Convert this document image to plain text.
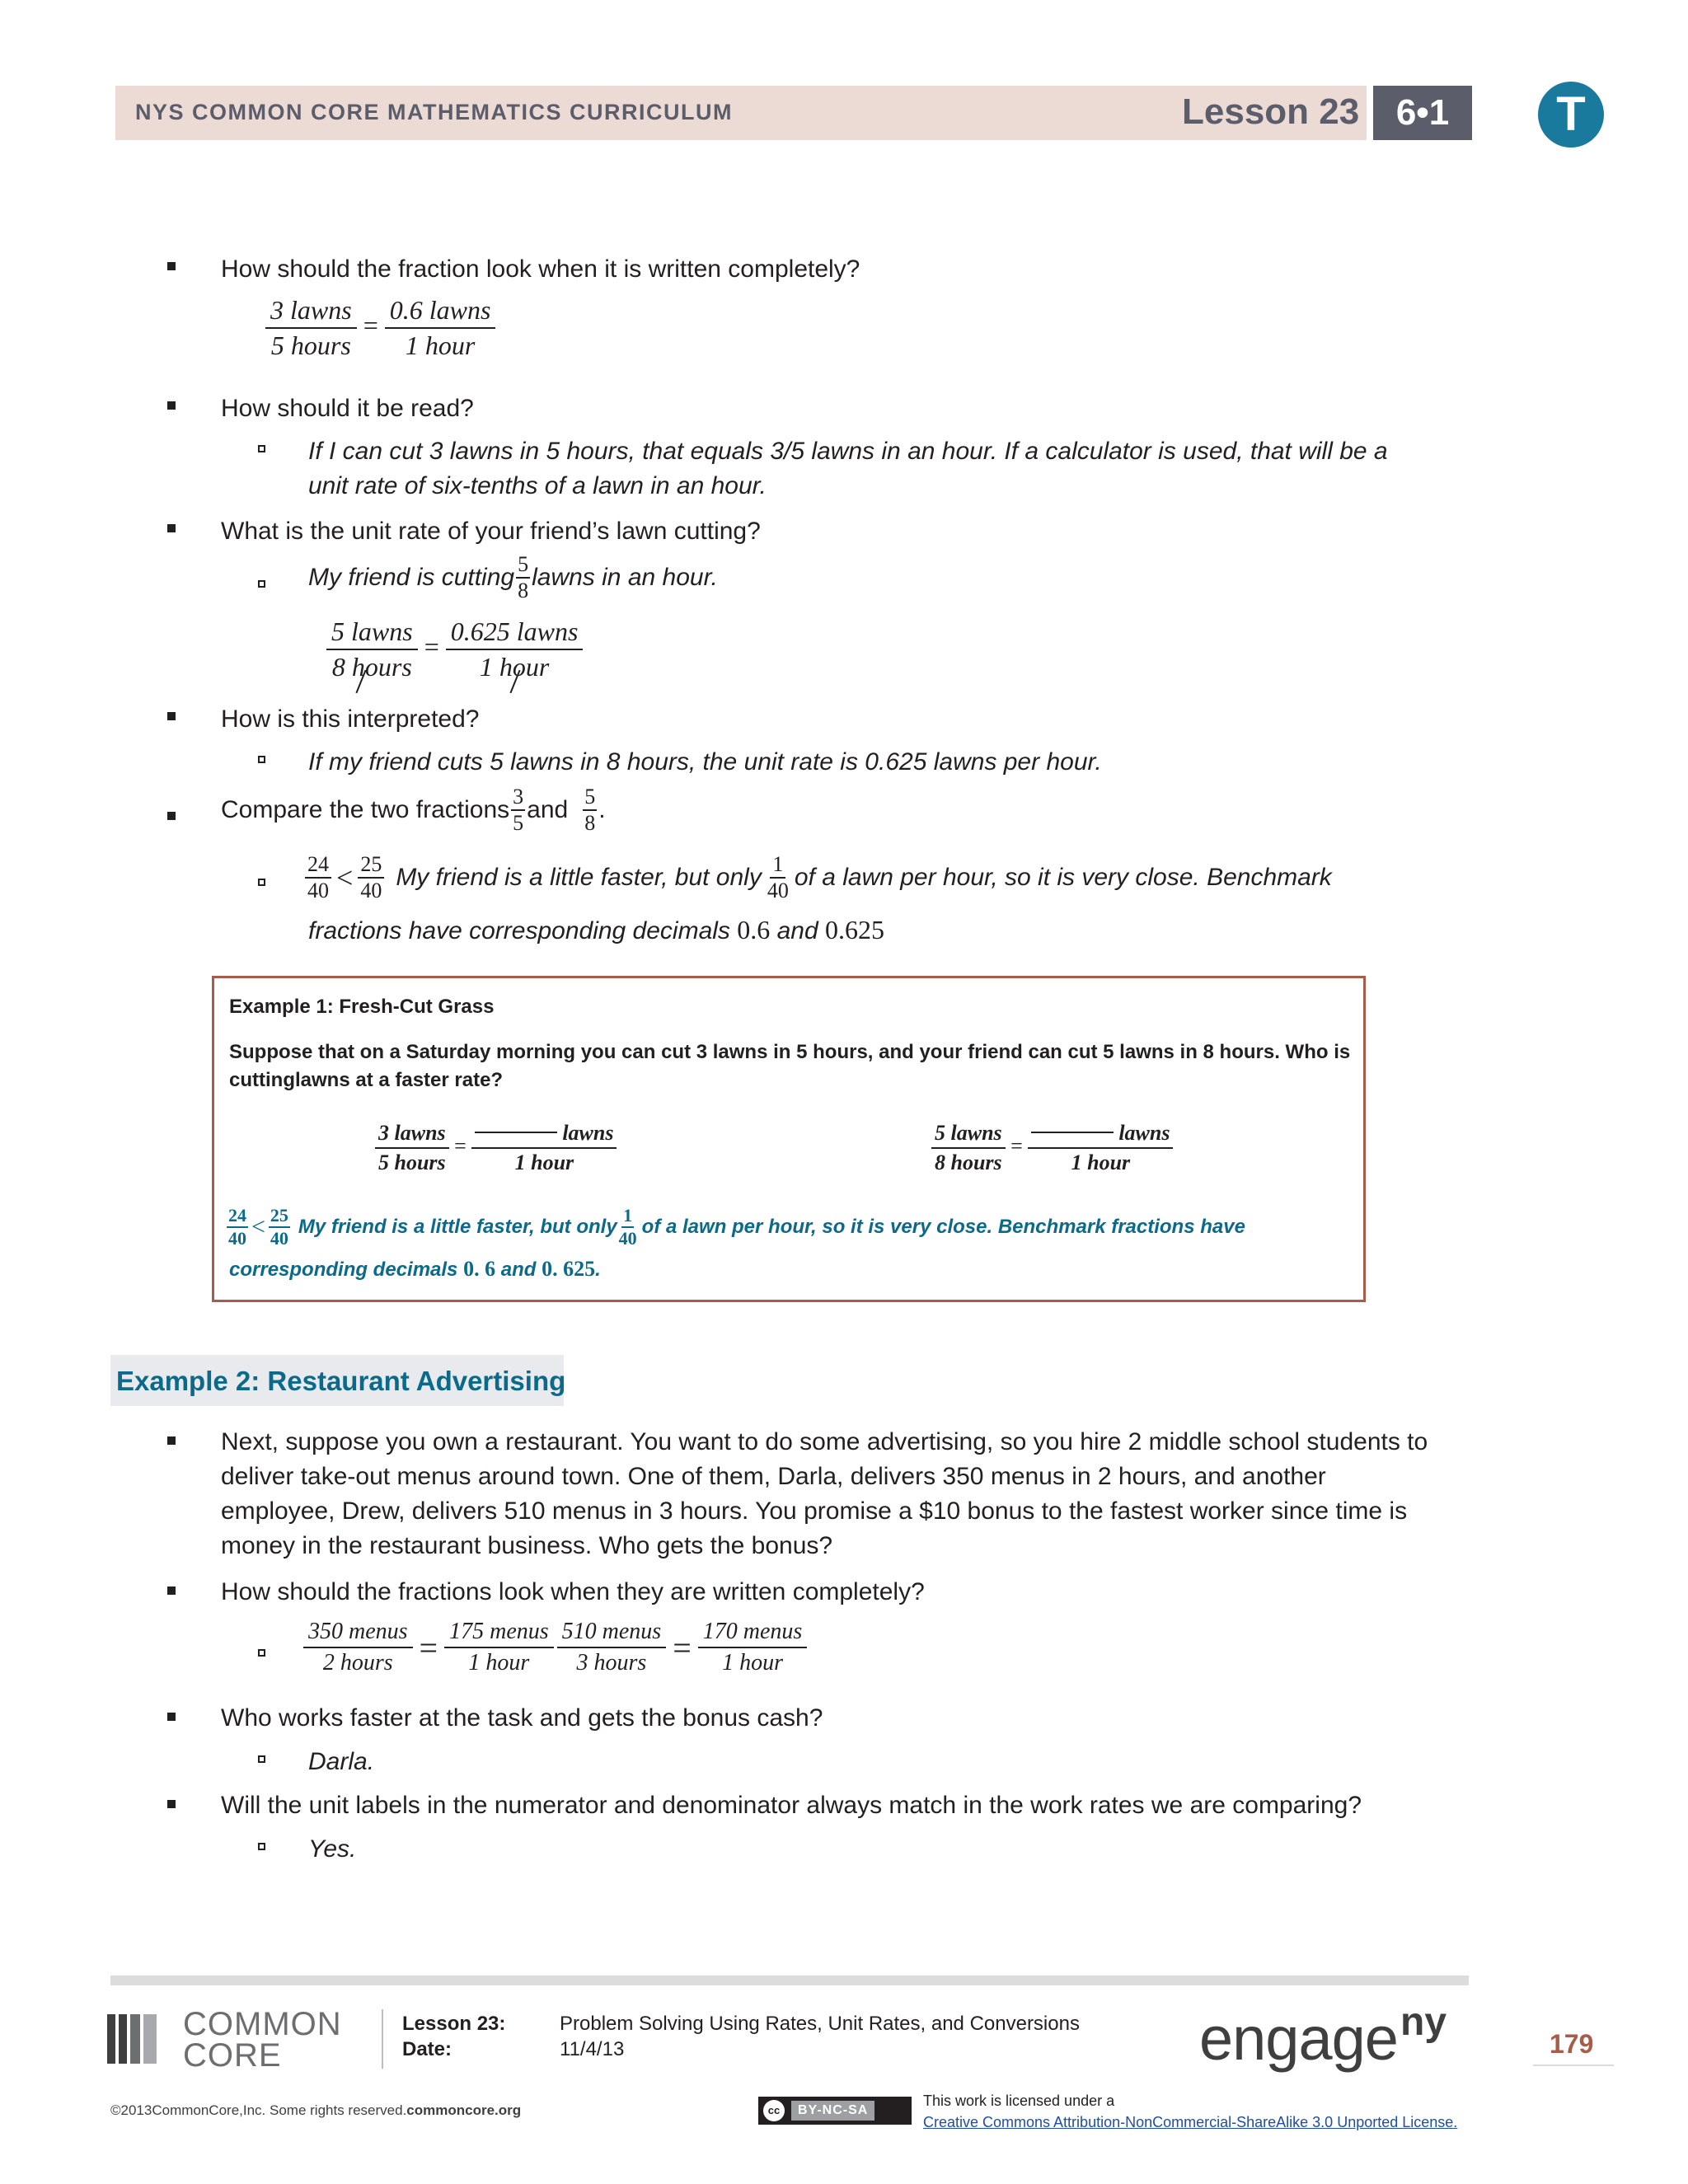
NYS COMMON CORE MATHEMATICS CURRICULUM	Lesson 23	6•1	T
How should the fraction look when it is written completely?
$\frac{\text{3 lawns}}{\text{5 hours}} = \frac{\text{0.6 lawns}}{\text{1 hour}}$
How should it be read?
If I can cut 3 lawns in 5 hours, that equals 3/5 lawns in an hour. If a calculator is used, that will be a
unit rate of six-tenths of a lawn in an hour.
What is the unit rate of your friend’s lawn cutting?
My friend is cutting $\frac{5}{8}$ lawns in an hour.
$\frac{\text{5 lawns}}{\text{8 hours}} = \frac{\text{0.625 lawns}}{\text{1 hour}}$
How is this interpreted?
If my friend cuts 5 lawns in 8 hours, the unit rate is 0.625 lawns per hour.
Compare the two fractions $\frac{3}{5}$ and $\frac{5}{8}$ .
$\frac{24}{40} < \frac{25}{40}$ My friend is a little faster, but only $\frac{1}{40}$ of a lawn per hour, so it is very close. Benchmark
fractions have corresponding decimals 0.6 and 0.625
Example 1: Fresh-Cut Grass
Suppose that on a Saturday morning you can cut 3 lawns in 5 hours, and your friend can cut 5 lawns in 8 hours. Who is
cuttinglawns at a faster rate?
$\frac{\text{3 lawns}}{\text{5 hours}} = \frac{\text{lawns}}{\text{1 hour}}$	$\frac{\text{5 lawns}}{\text{8 hours}} = \frac{\text{lawns}}{\text{1 hour}}$
$\frac{24}{40} < \frac{25}{40}$ My friend is a little faster, but only $\frac{1}{40}$ of a lawn per hour, so it is very close. Benchmark fractions have
corresponding decimals 0. 6 and 0. 625.
Example 2: Restaurant Advertising
Next, suppose you own a restaurant. You want to do some advertising, so you hire 2 middle school students to
deliver take-out menus around town. One of them, Darla, delivers 350 menus in 2 hours, and another
employee, Drew, delivers 510 menus in 3 hours. You promise a $10 bonus to the fastest worker since time is
money in the restaurant business. Who gets the bonus?
How should the fractions look when they are written completely?
$\frac{\text{350 menus}}{\text{2 hours}} = \frac{\text{175 menus}}{\text{1 hour}} \frac{\text{510 menus}}{\text{3 hours}} = \frac{\text{170 menus}}{\text{1 hour}}$
Who works faster at the task and gets the bonus cash?
Darla.
Will the unit labels in the numerator and denominator always match in the work rates we are comparing?
Yes.
COMMON
CORE
Lesson 23:
Date:
Problem Solving Using Rates, Unit Rates, and Conversions
11/4/13	engage ny	179
©2013CommonCore,Inc. Some rights reserved.commoncore.org	cc	BY-NC-SA
This work is licensed under a
Creative Commons Attribution-NonCommercial-ShareAlike 3.0 Unported License.
